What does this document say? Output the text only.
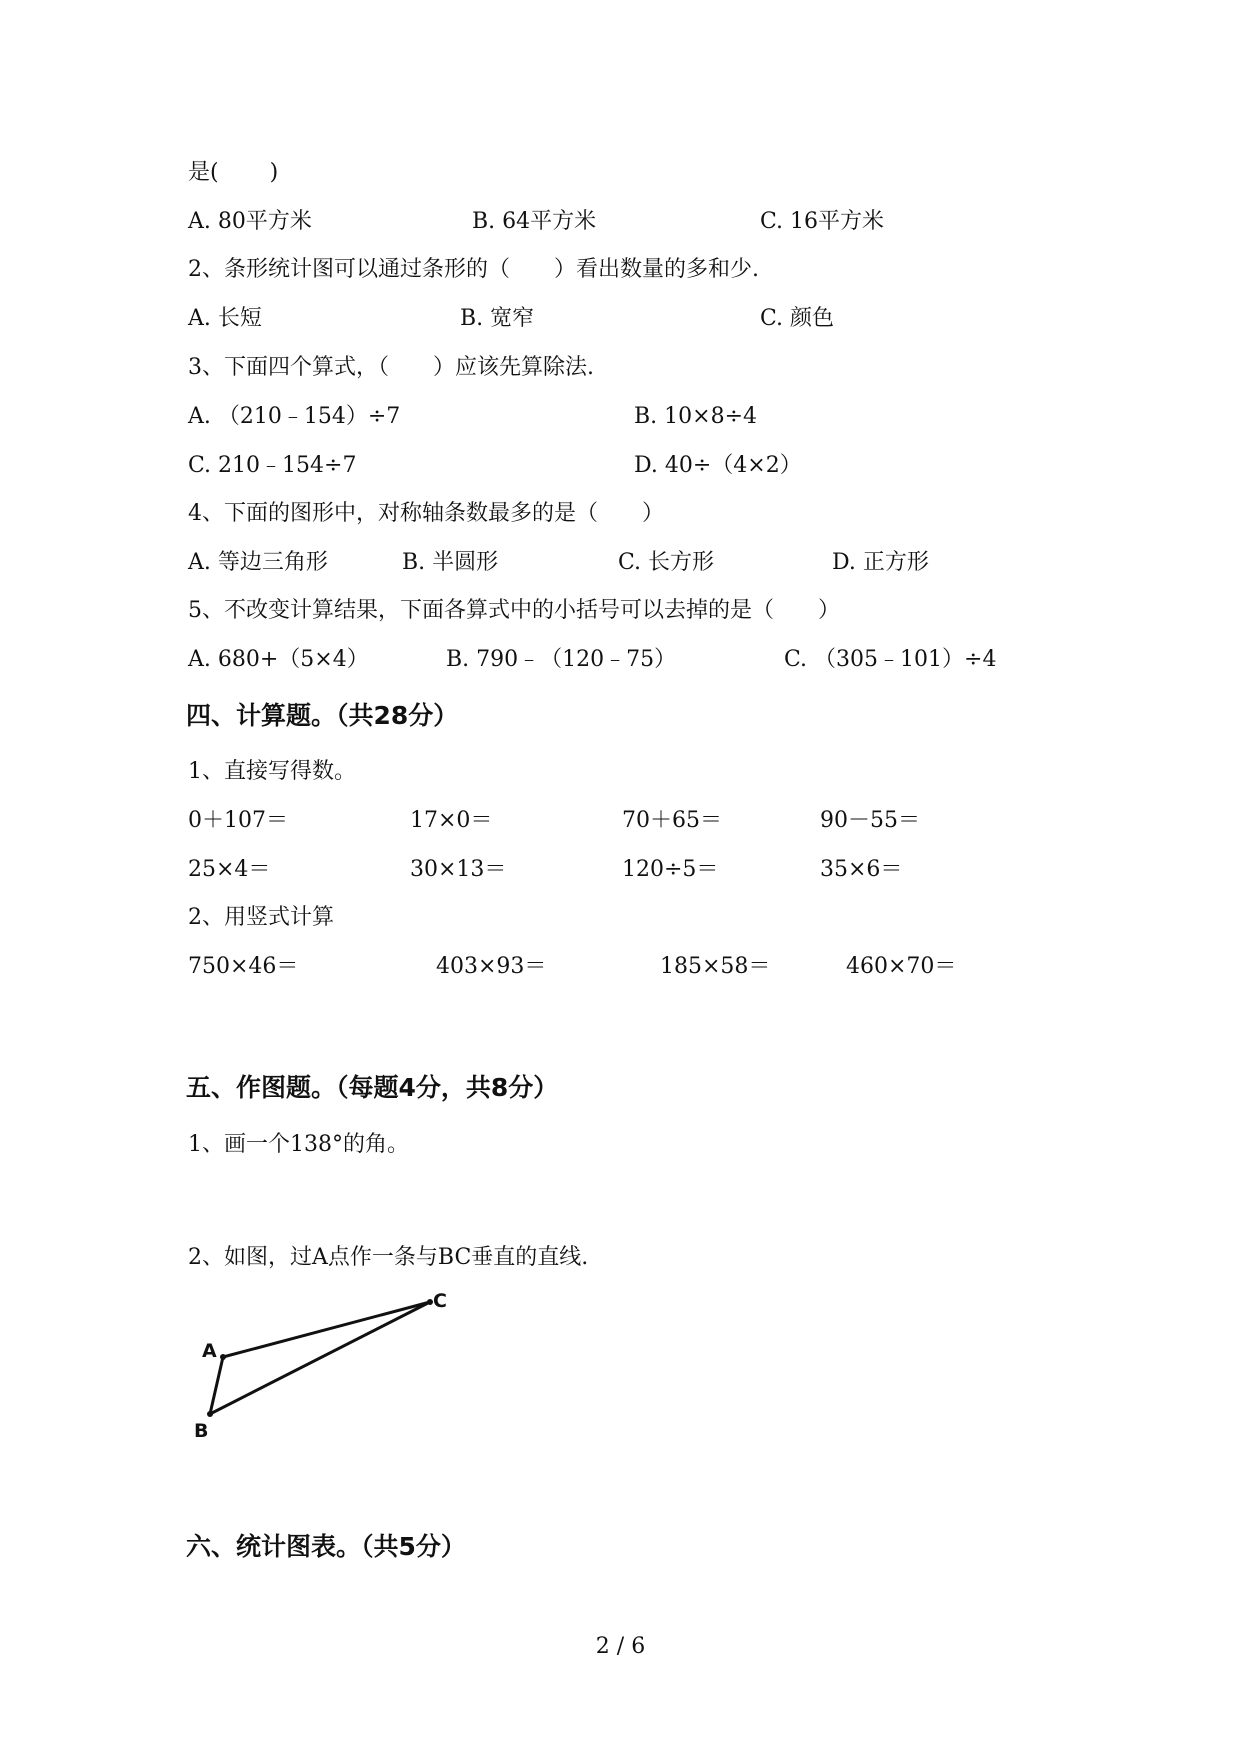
是(　　 )
A. 80平方米	B. 64平方米	C. 16平方米
2、条形统计图可以通过条形的（　　）看出数量的多和少.
A. 长短	B. 宽窄	C. 颜色
3、下面四个算式，（　　）应该先算除法.
A. （210﹣154）÷7	B. 10×8÷4
C. 210﹣154÷7	D. 40÷（4×2）
4、下面的图形中，对称轴条数最多的是（　　）
A. 等边三角形	B. 半圆形	C. 长方形	D. 正方形
5、不改变计算结果，下面各算式中的小括号可以去掉的是（　　）
A. 680+（5×4）	B. 790﹣（120﹣75）	C. （305﹣101）÷4
四、计算题。（共28分）
1、直接写得数。
0＋107＝	17×0＝	70＋65＝	90－55＝
25×4＝	30×13＝	120÷5＝	35×6＝
2、用竖式计算
750×46＝	403×93＝	185×58＝	460×70＝
五、作图题。（每题4分，共8分）
1、画一个138°的角。
2、如图，过A点作一条与BC垂直的直线.
A
B
C
六、统计图表。（共5分）
2 / 6
